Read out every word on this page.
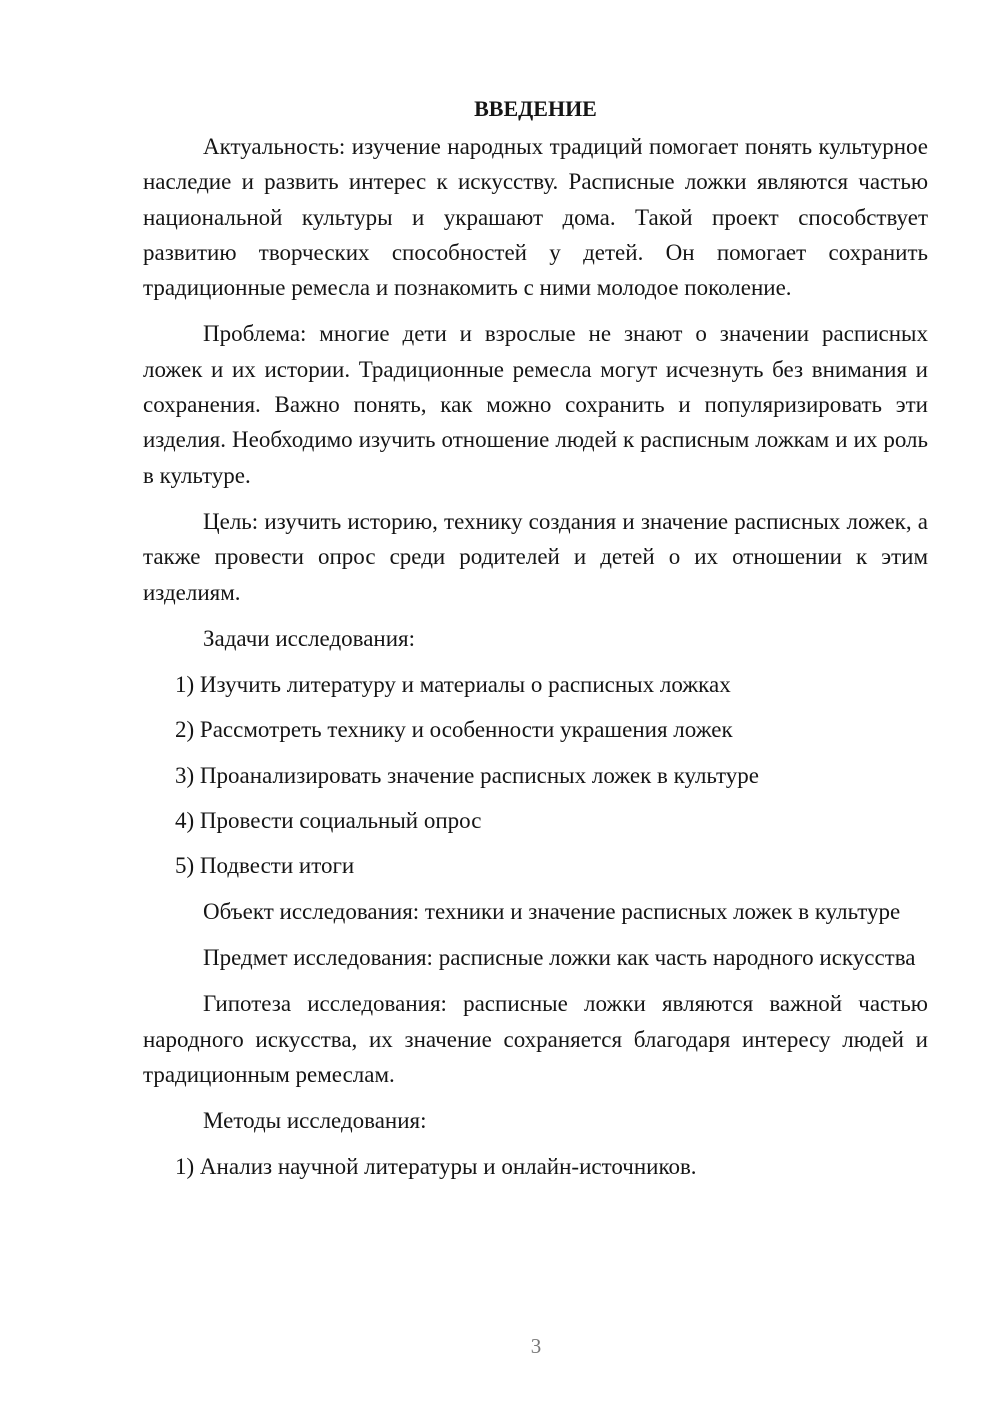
ВВЕДЕНИЕ

Актуальность: изучение народных традиций помогает понять культурное наследие и развить интерес к искусству. Расписные ложки являются частью национальной культуры и украшают дома. Такой проект способствует развитию творческих способностей у детей. Он помогает сохранить традиционные ремесла и познакомить с ними молодое поколение.

Проблема: многие дети и взрослые не знают о значении расписных ложек и их истории. Традиционные ремесла могут исчезнуть без внимания и сохранения. Важно понять, как можно сохранить и популяризировать эти изделия. Необходимо изучить отношение людей к расписным ложкам и их роль в культуре.

Цель: изучить историю, технику создания и значение расписных ложек, а также провести опрос среди родителей и детей о их отношении к этим изделиям.

Задачи исследования:

1) Изучить литературу и материалы о расписных ложках
2) Рассмотреть технику и особенности украшения ложек
3) Проанализировать значение расписных ложек в культуре
4) Провести социальный опрос
5) Подвести итоги

Объект исследования: техники и значение расписных ложек в культуре

Предмет исследования: расписные ложки как часть народного искусства

Гипотеза исследования: расписные ложки являются важной частью народного искусства, их значение сохраняется благодаря интересу людей и традиционным ремеслам.

Методы исследования:

1) Анализ научной литературы и онлайн-источников.
3
